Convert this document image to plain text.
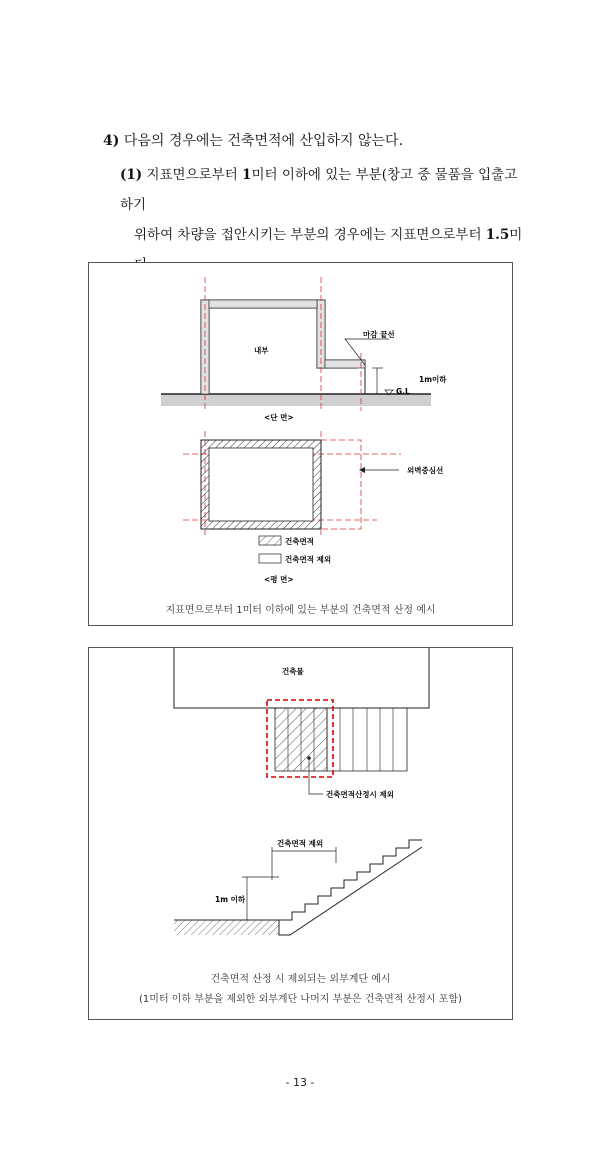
4) 다음의 경우에는 건축면적에 산입하지 않는다.
(1) 지표면으로부터 1미터 이하에 있는 부분(창고 중 물품을 입출고하기
위하여 차량을 접안시키는 부분의 경우에는 지표면으로부터 1.5미
마감 끝선
내부
1m이하
G.L
<단 면>
외벽중심선
건축면적
건축면적 제외
<평 면>
지표면으로부터 1미터 이하에 있는 부분의 건축면적 산정 예시
건축물
건축면적산정시 제외
건축면적 제외
1m 이하
건축면적 산정 시 제외되는 외부계단 예시
(1미터 이하 부분을 제외한 외부계단 나머지 부분은 건축면적 산정시 포함)
- 13 -
